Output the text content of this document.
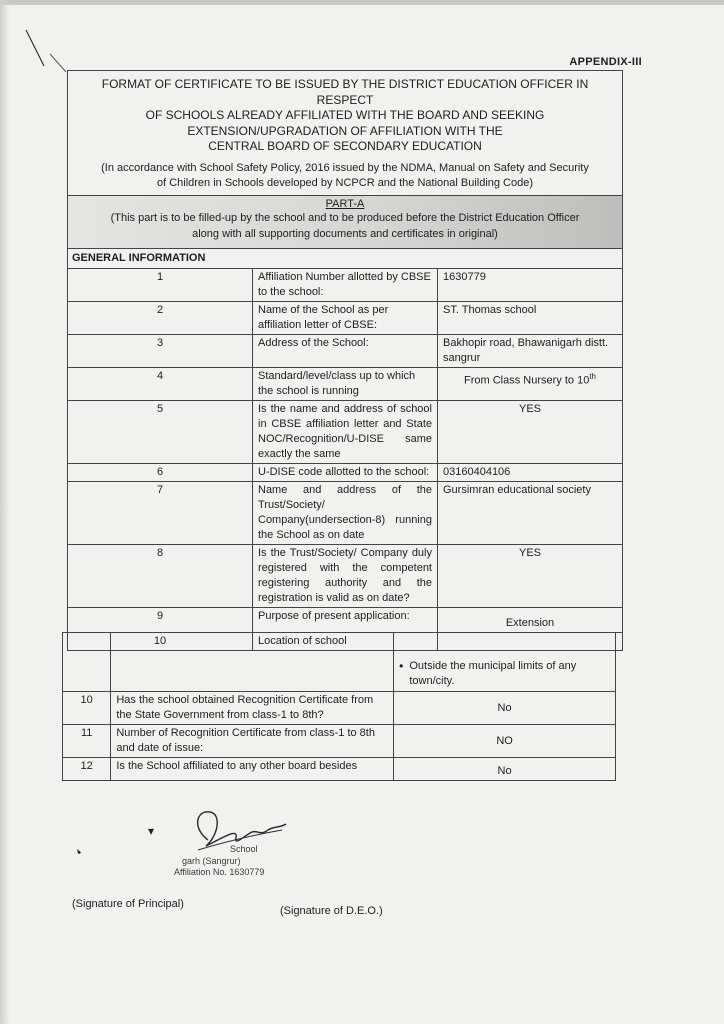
APPENDIX-III
FORMAT OF CERTIFICATE TO BE ISSUED BY THE DISTRICT EDUCATION OFFICER IN RESPECT
OF SCHOOLS ALREADY AFFILIATED WITH THE BOARD AND SEEKING
EXTENSION/UPGRADATION OF AFFILIATION WITH THE
CENTRAL BOARD OF SECONDARY EDUCATION
(In accordance with School Safety Policy, 2016 issued by the NDMA, Manual on Safety and Security
of Children in Schools developed by NCPCR and the National Building Code)
PART-A
(This part is to be filled-up by the school and to be produced before the District Education Officer
along with all supporting documents and certificates in original)
GENERAL INFORMATION		
1	Affiliation Number allotted by CBSE to the school:	1630779
2	Name of the School as per affiliation letter of CBSE:	ST. Thomas school
3	Address of the School:	Bakhopir road, Bhawanigarh distt. sangrur
4	Standard/level/class up to which the school is running	From Class Nursery to 10th
5	Is the name and address of school in CBSE affiliation letter and State NOC/Recognition/U-DISE same exactly the same	YES
6	U-DISE code allotted to the school:	03160404106
7	Name and address of the Trust/Society/ Company(undersection-8) running the School as on date	Gursimran educational society
8	Is the Trust/Society/ Company duly registered with the competent registering authority and the registration is valid as on date?	YES
9	Purpose of present application:	Extension
10	Location of school	

		• Outside the municipal limits of any town/city.

10	Has the school obtained Recognition Certificate from the State Government from class-1 to 8th?	No
11	Number of Recognition Certificate from class-1 to 8th and date of issue:	NO
12	Is the School affiliated to any other board besides	No
▾
❛	School
garh (Sangrur)
Affiliation No. 1630779
(Signature of Principal)
(Signature of D.E.O.)
